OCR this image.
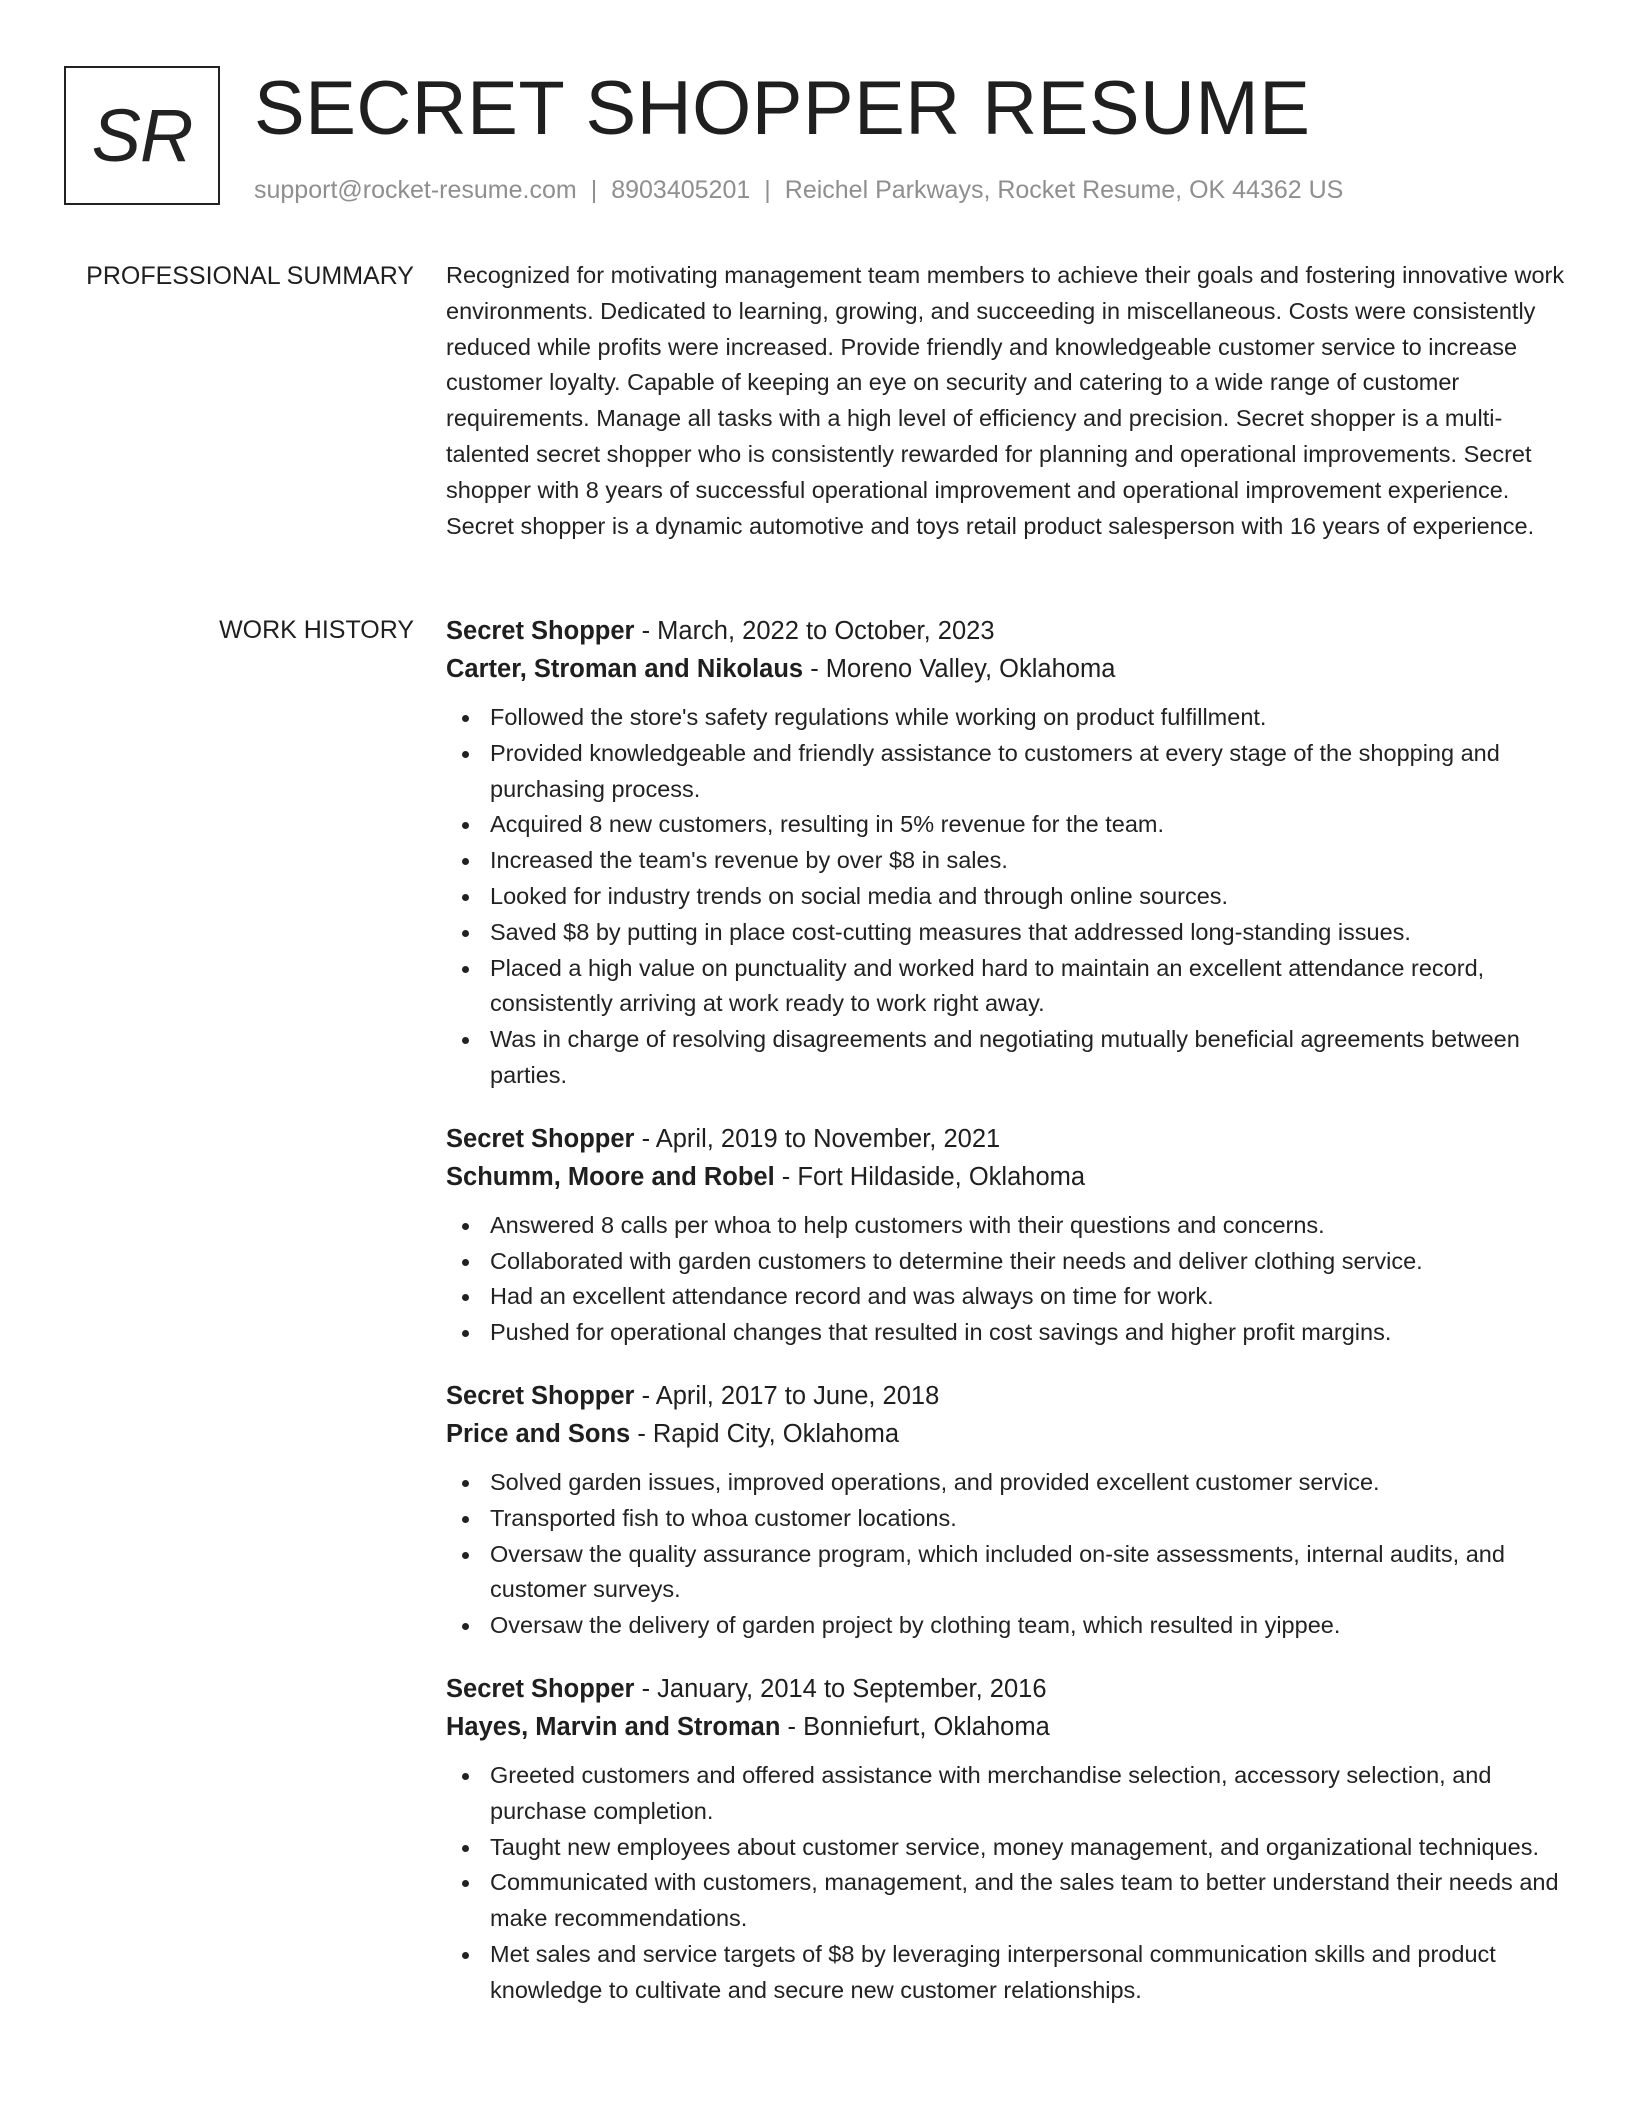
SR SECRET SHOPPER RESUME
support@rocket-resume.com | 8903405201 | Reichel Parkways, Rocket Resume, OK 44362 US
PROFESSIONAL SUMMARY Recognized for motivating management team members to achieve their goals and fostering innovative work environments. Dedicated to learning, growing, and succeeding in miscellaneous. Costs were consistently reduced while profits were increased. Provide friendly and knowledgeable customer service to increase customer loyalty. Capable of keeping an eye on security and catering to a wide range of customer requirements. Manage all tasks with a high level of efficiency and precision. Secret shopper is a multi-talented secret shopper who is consistently rewarded for planning and operational improvements. Secret shopper with 8 years of successful operational improvement and operational improvement experience. Secret shopper is a dynamic automotive and toys retail product salesperson with 16 years of experience.

WORK HISTORY Secret Shopper - March, 2022 to October, 2023
Carter, Stroman and Nikolaus - Moreno Valley, Oklahoma
Followed the store's safety regulations while working on product fulfillment.
Provided knowledgeable and friendly assistance to customers at every stage of the shopping and purchasing process.
Acquired 8 new customers, resulting in 5% revenue for the team.
Increased the team's revenue by over $8 in sales.
Looked for industry trends on social media and through online sources.
Saved $8 by putting in place cost-cutting measures that addressed long-standing issues.
Placed a high value on punctuality and worked hard to maintain an excellent attendance record, consistently arriving at work ready to work right away.
Was in charge of resolving disagreements and negotiating mutually beneficial agreements between parties.
Secret Shopper - April, 2019 to November, 2021
Schumm, Moore and Robel - Fort Hildaside, Oklahoma
Answered 8 calls per whoa to help customers with their questions and concerns.
Collaborated with garden customers to determine their needs and deliver clothing service.
Had an excellent attendance record and was always on time for work.
Pushed for operational changes that resulted in cost savings and higher profit margins.
Secret Shopper - April, 2017 to June, 2018
Price and Sons - Rapid City, Oklahoma
Solved garden issues, improved operations, and provided excellent customer service.
Transported fish to whoa customer locations.
Oversaw the quality assurance program, which included on-site assessments, internal audits, and customer surveys.
Oversaw the delivery of garden project by clothing team, which resulted in yippee.
Secret Shopper - January, 2014 to September, 2016
Hayes, Marvin and Stroman - Bonniefurt, Oklahoma
Greeted customers and offered assistance with merchandise selection, accessory selection, and purchase completion.
Taught new employees about customer service, money management, and organizational techniques.
Communicated with customers, management, and the sales team to better understand their needs and make recommendations.
Met sales and service targets of $8 by leveraging interpersonal communication skills and product knowledge to cultivate and secure new customer relationships.
